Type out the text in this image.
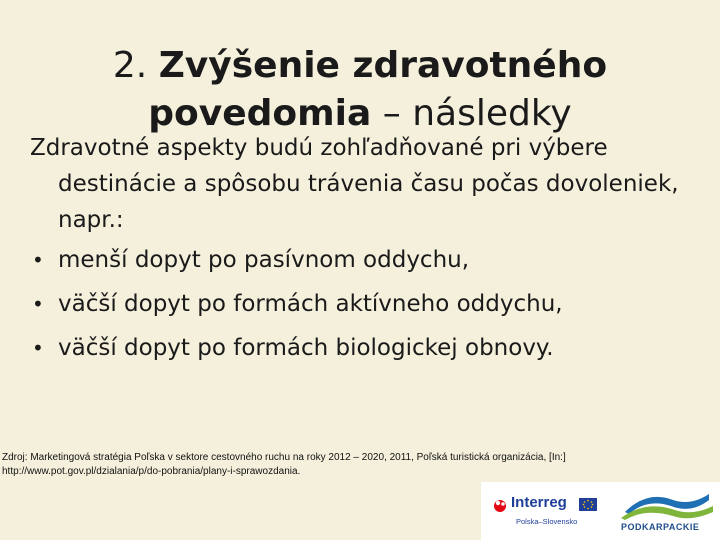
2. Zvýšenie zdravotného
povedomia – následky

Zdravotné aspekty budú zohľadňované pri výbere destinácie a spôsobu trávenia času počas dovoleniek, napr.:

• menší dopyt po pasívnom oddychu,
• väčší dopyt po formách aktívneho oddychu,
• väčší dopyt po formách biologickej obnovy.
Zdroj: Marketingová stratégia Poľska v sektore cestovného ruchu na roky 2012 – 2020, 2011, Poľská turistická organizácia, [In:]
http://www.pot.gov.pl/dzialania/p/do-pobrania/plany-i-sprawozdania.
Interreg
Polska–Slovensko
PODKARPACKIE
